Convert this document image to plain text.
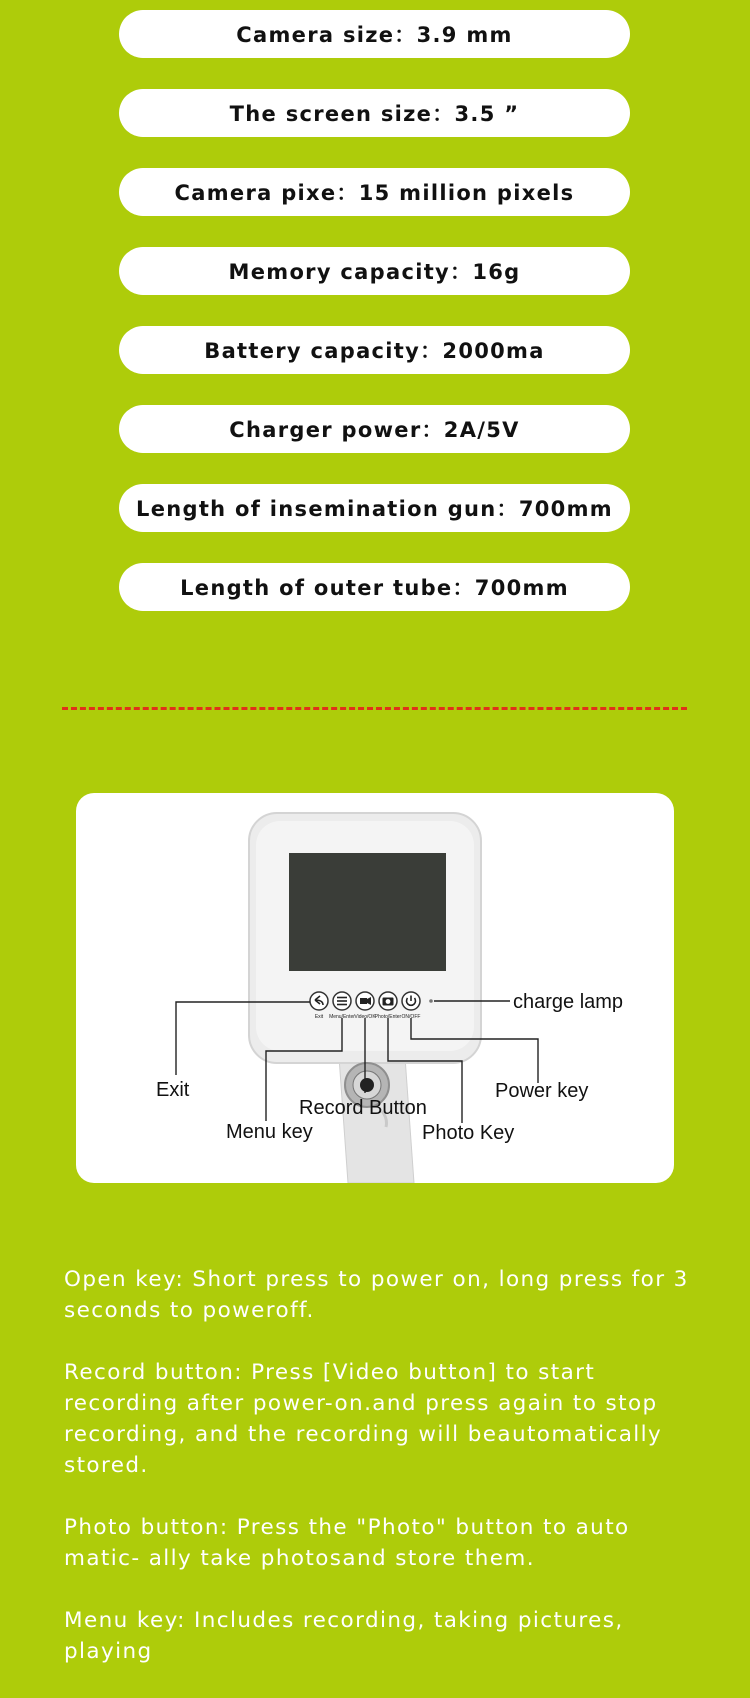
Camera size：3.9 mm
The screen size：3.5 ”
Camera pixe：15 million pixels
Memory capacity：16g
Battery capacity：2000ma
Charger power：2A/5V
Length of insemination gun：700mm
Length of outer tube：700mm
Exit Menu/Enter Video/OK Photo/Enter ON/OFF
charge lamp
Exit	Power key
Record Button
Menu key	Photo Key

Open key: Short press to power on, long press for 3 seconds to poweroff.

Record button: Press [Video button] to start recording after power-on.and press again to stop recording, and the recording will beautomatically stored.

Photo button: Press the "Photo" button to auto matic- ally take photosand store them.

Menu key: Includes recording, taking pictures, playing
